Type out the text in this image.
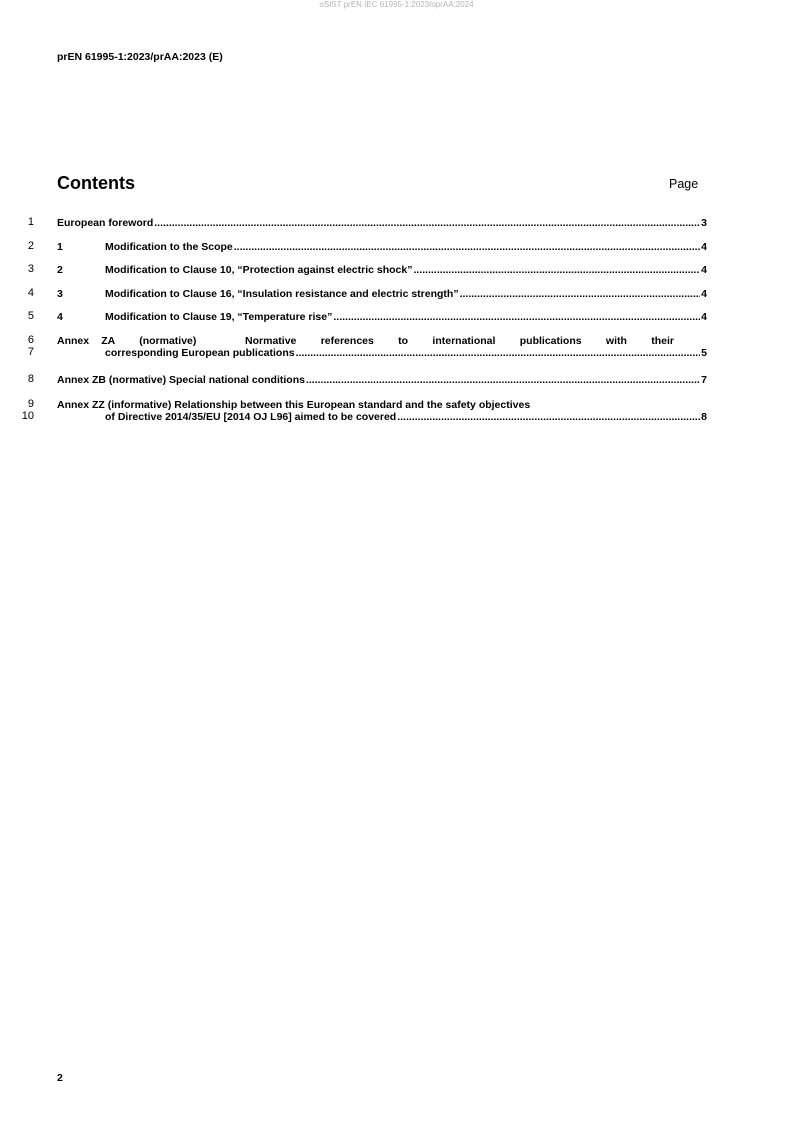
oSIST prEN IEC 61995-1:2023/oprAA:2024
prEN 61995-1:2023/prAA:2023 (E)
Contents	Page
1
2
3
4
5
6
7
8
9
10
European foreword .....	3
1	Modification to the Scope .....	4
2	Modification to Clause 10, “Protection against electric shock” .....	4
3	Modification to Clause 16, “Insulation resistance and electric strength” .....	4
4	Modification to Clause 19, “Temperature rise” .....	4
Annex ZA  (normative)    Normative  references  to  international  publications  with  their
corresponding European publications .....	5
Annex ZB (normative) Special national conditions .....	7
Annex ZZ (informative) Relationship between this European standard and the safety objectives
of Directive 2014/35/EU [2014 OJ L96] aimed to be covered .....	8
2
